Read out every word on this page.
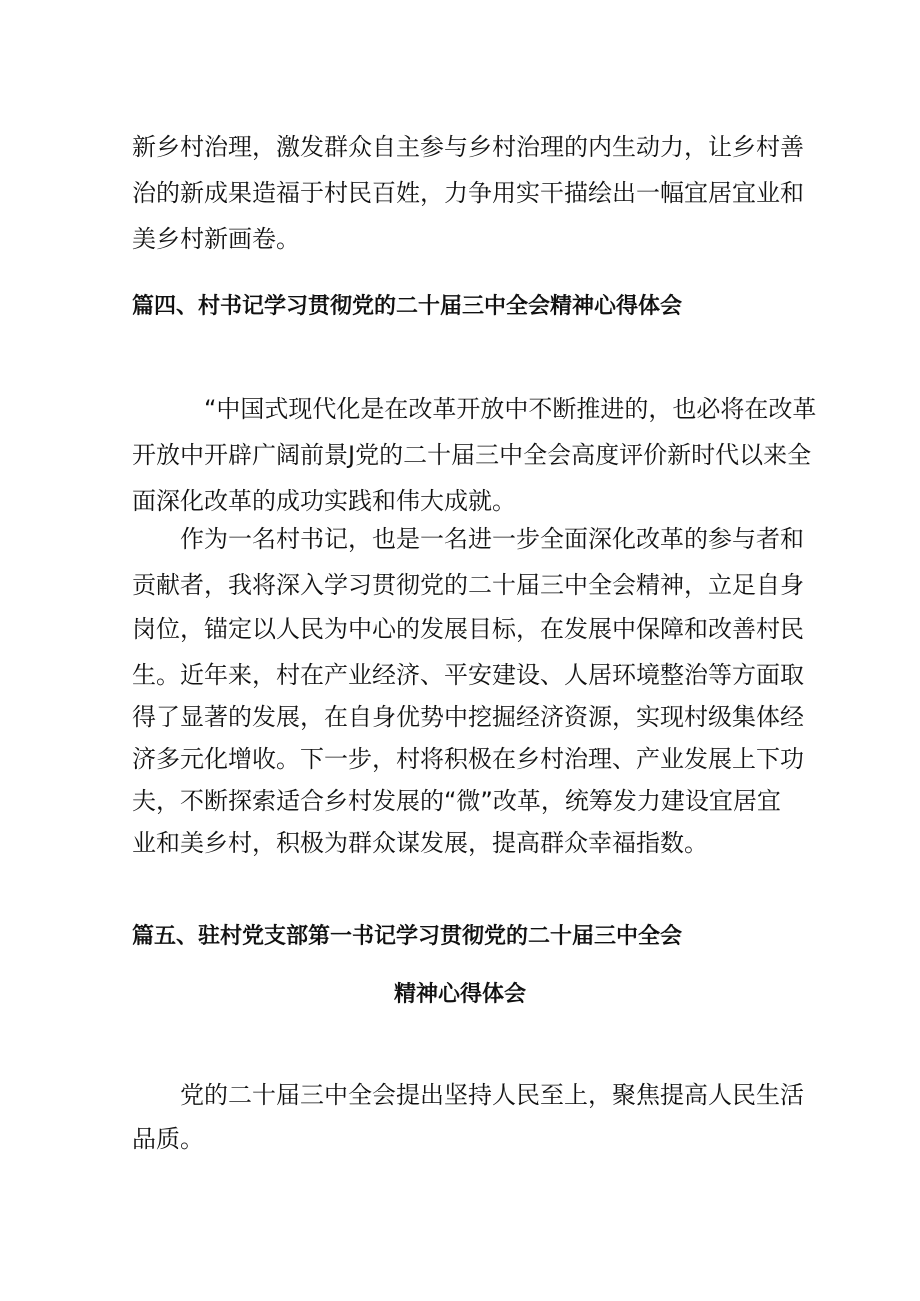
新乡村治理，激发群众自主参与乡村治理的内生动力，让乡村善
治的新成果造福于村民百姓，力争用实干描绘出一幅宜居宜业和
美乡村新画卷。
篇四、村书记学习贯彻党的二十届三中全会精神心得体会
“中国式现代化是在改革开放中不断推进的，也必将在改革
开放中开辟广阔前景J党的二十届三中全会高度评价新时代以来全
面深化改革的成功实践和伟大成就。
作为一名村书记，也是一名进一步全面深化改革的参与者和
贡献者，我将深入学习贯彻党的二十届三中全会精神，立足自身
岗位，锚定以人民为中心的发展目标，在发展中保障和改善村民
生。近年来，村在产业经济、平安建设、人居环境整治等方面取
得了显著的发展，在自身优势中挖掘经济资源，实现村级集体经
济多元化增收。下一步，村将积极在乡村治理、产业发展上下功
夫，不断探索适合乡村发展的“微”改革，统筹发力建设宜居宜
业和美乡村，积极为群众谋发展，提高群众幸福指数。
篇五、驻村党支部第一书记学习贯彻党的二十届三中全会
精神心得体会
党的二十届三中全会提出坚持人民至上，聚焦提高人民生活
品质。
